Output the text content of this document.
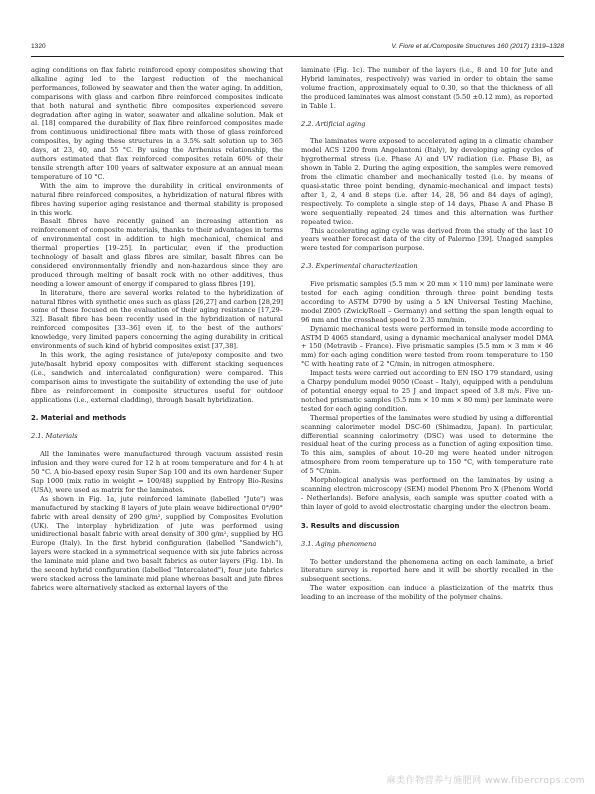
1320	V. Fiore et al./Composite Structures 160 (2017) 1319–1328

aging conditions on flax fabric reinforced epoxy composites showing that alkaline aging led to the largest reduction of the mechanical performances, followed by seawater and then the water aging. In addition, comparisons with glass and carbon fibre reinforced composites indicate that both natural and synthetic fibre composites experienced severe degradation after aging in water, seawater and alkaline solution. Mak et al. [18] compared the durability of flax fibre reinforced composites made from continuous unidirectional fibre mats with those of glass reinforced composites, by aging these structures in a 3.5% salt solution up to 365 days, at 23, 40, and 55 °C. By using the Arrhenius relationship, the authors estimated that flax reinforced composites retain 60% of their tensile strength after 100 years of saltwater exposure at an annual mean temperature of 10 °C.

With the aim to improve the durability in critical environments of natural fibre reinforced composites, a hybridization of natural fibres with fibres having superior aging resistance and thermal stability is proposed in this work.

Basalt fibres have recently gained an increasing attention as reinforcement of composite materials, thanks to their advantages in terms of environmental cost in addition to high mechanical, chemical and thermal properties [19–25]. In particular, even if the production technology of basalt and glass fibres are similar, basalt fibres can be considered environmentally friendly and non-hazardous since they are produced through melting of basalt rock with no other additives, thus needing a lower amount of energy if compared to glass fibres [19].

In literature, there are several works related to the hybridization of natural fibres with synthetic ones such as glass [26,27] and carbon [28,29] some of these focused on the evaluation of their aging resistance [17,29–32]. Basalt fibre has been recently used in the hybridization of natural reinforced composites [33–36] even if, to the best of the authors' knowledge, very limited papers concerning the aging durability in critical environments of such kind of hybrid composites exist [37,38].

In this work, the aging resistance of jute/epoxy composite and two jute/basalt hybrid epoxy composites with different stacking sequences (i.e., sandwich and intercalated configuration) were compared. This comparison aims to investigate the suitability of extending the use of jute fibre as reinforcement in composite structures useful for outdoor applications (i.e., external cladding), through basalt hybridization.

2. Material and methods
2.1. Materials

All the laminates were manufactured through vacuum assisted resin infusion and they were cured for 12 h at room temperature and for 4 h at 50 °C. A bio-based epoxy resin Super Sap 100 and its own hardener Super Sap 1000 (mix ratio in weight = 100/48) supplied by Entropy Bio-Resins (USA), were used as matrix for the laminates.

As shown in Fig. 1a, jute reinforced laminate (labelled "Jute") was manufactured by stacking 8 layers of jute plain weave bidirectional 0°/90° fabric with areal density of 290 g/m², supplied by Composites Evolution (UK). The interplay hybridization of jute was performed using unidirectional basalt fabric with areal density of 300 g/m², supplied by HG Europe (Italy). In the first hybrid configuration (labelled "Sandwich"), layers were stacked in a symmetrical sequence with six jute fabrics across the laminate mid plane and two basalt fabrics as outer layers (Fig. 1b). In the second hybrid configuration (labelled "Intercalated"), four jute fabrics were stacked across the laminate mid plane whereas basalt and jute fibres fabrics were alternatively stacked as external layers of the

laminate (Fig. 1c). The number of the layers (i.e., 8 and 10 for Jute and Hybrid laminates, respectively) was varied in order to obtain the same volume fraction, approximately equal to 0.30, so that the thickness of all the produced laminates was almost constant (5.50 ±0.12 mm), as reported in Table 1.

2.2. Artificial aging

The laminates were exposed to accelerated aging in a climatic chamber model ACS 1200 from Angelantoni (Italy), by developing aging cycles of hygrothermal stress (i.e. Phase A) and UV radiation (i.e. Phase B), as shown in Table 2. During the aging exposition, the samples were removed from the climatic chamber and mechanically tested (i.e. by means of quasi-static three point bending, dynamic-mechanical and impact tests) after 1, 2, 4 and 8 steps (i.e. after 14, 28, 56 and 84 days of aging), respectively. To complete a single step of 14 days, Phase A and Phase B were sequentially repeated 24 times and this alternation was further repeated twice.

This accelerating aging cycle was derived from the study of the last 10 years weather forecast data of the city of Palermo [39]. Unaged samples were tested for comparison purpose.

2.3. Experimental characterization

Five prismatic samples (5.5 mm × 20 mm × 110 mm) per laminate were tested for each aging condition through three point bending tests according to ASTM D790 by using a 5 kN Universal Testing Machine, model Z005 (Zwick/Roell – Germany) and setting the span length equal to 96 mm and the crosshead speed to 2.35 mm/min.

Dynamic mechanical tests were performed in tensile mode according to ASTM D 4065 standard, using a dynamic mechanical analyser model DMA + 150 (Metravib – France). Five prismatic samples (5.5 mm × 3 mm × 46 mm) for each aging condition were tested from room temperature to 150 °C with heating rate of 2 °C/min, in nitrogen atmosphere.

Impact tests were carried out according to EN ISO 179 standard, using a Charpy pendulum model 9050 (Ceast – Italy), equipped with a pendulum of potential energy equal to 25 J and impact speed of 3.8 m/s. Five un-notched prismatic samples (5.5 mm × 10 mm × 80 mm) per laminate were tested for each aging condition.

Thermal properties of the laminates were studied by using a differential scanning calorimeter model DSC-60 (Shimadzu, Japan). In particular, differential scanning calorimetry (DSC) was used to determine the residual heat of the curing process as a function of aging exposition time. To this aim, samples of about 10–20 mg were heated under nitrogen atmosphere from room temperature up to 150 °C, with temperature rate of 5 °C/min.

Morphological analysis was performed on the laminates by using a scanning electron microscopy (SEM) model Phenom Pro X (Phenom World - Netherlands). Before analysis, each sample was sputter coated with a thin layer of gold to avoid electrostatic charging under the electron beam.

3. Results and discussion
3.1. Aging phenomena

To better understand the phenomena acting on each laminate, a brief literature survey is reported here and it will be shortly recalled in the subsequent sections.

The water exposition can induce a plasticization of the matrix thus leading to an increase of the mobility of the polymer chains.

麻类作物营养与施肥网 www.fibercrops.com
